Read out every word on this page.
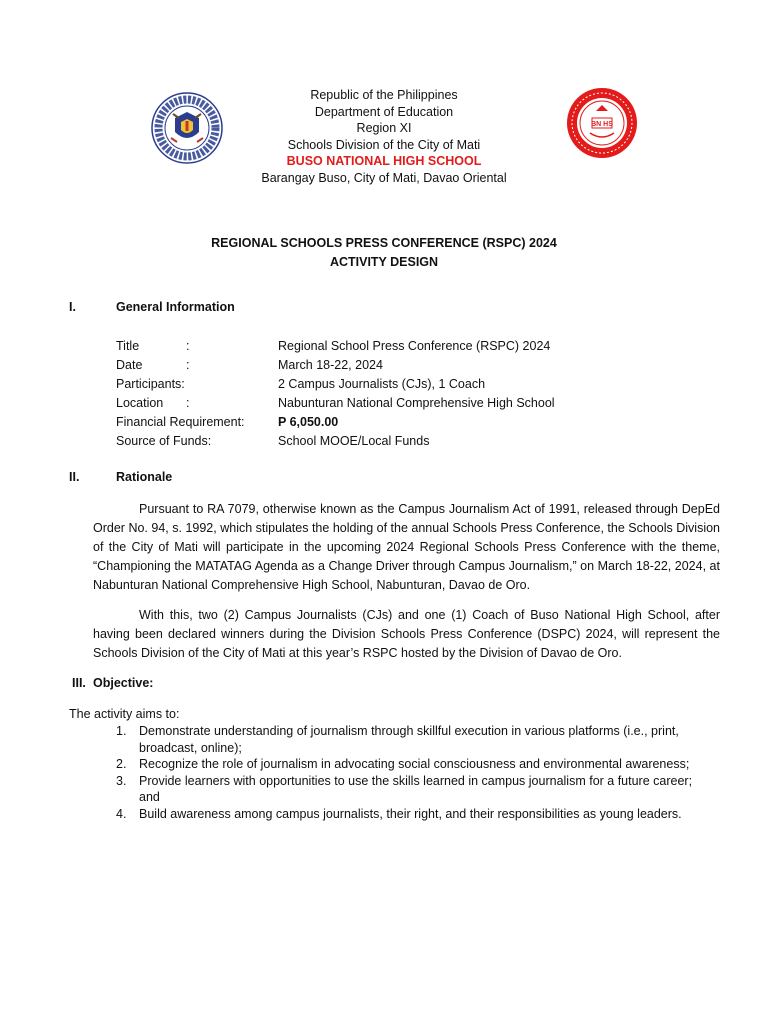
BN HS
Republic of the Philippines
Department of Education
Region XI
Schools Division of the City of Mati
BUSO NATIONAL HIGH SCHOOL
Barangay Buso, City of Mati, Davao Oriental
REGIONAL SCHOOLS PRESS CONFERENCE (RSPC) 2024
ACTIVITY DESIGN
I.	General Information
Title	:	Regional School Press Conference (RSPC) 2024
Date	:	March 18-22, 2024
Participants:	2 Campus Journalists (CJs), 1 Coach
Location :	Nabunturan National Comprehensive High School
Financial Requirement:	P 6,050.00
Source of Funds:	School MOOE/Local Funds
II.	Rationale

Pursuant to RA 7079, otherwise known as the Campus Journalism Act of 1991, released through DepEd Order No. 94, s. 1992, which stipulates the holding of the annual Schools Press Conference, the Schools Division of the City of Mati will participate in the upcoming 2024 Regional Schools Press Conference with the theme, “Championing the MATATAG Agenda as a Change Driver through Campus Journalism,” on March 18-22, 2024, at Nabunturan National Comprehensive High School, Nabunturan, Davao de Oro.

With this, two (2) Campus Journalists (CJs) and one (1) Coach of Buso National High School, after having been declared winners during the Division Schools Press Conference (DSPC) 2024, will represent the Schools Division of the City of Mati at this year’s RSPC hosted by the Division of Davao de Oro.

III. Objective:
The activity aims to:
1. Demonstrate understanding of journalism through skillful execution in various platforms (i.e., print, broadcast, online);
2. Recognize the role of journalism in advocating social consciousness and environmental awareness;
3. Provide learners with opportunities to use the skills learned in campus journalism for a future career; and
4. Build awareness among campus journalists, their right, and their responsibilities as young leaders.
